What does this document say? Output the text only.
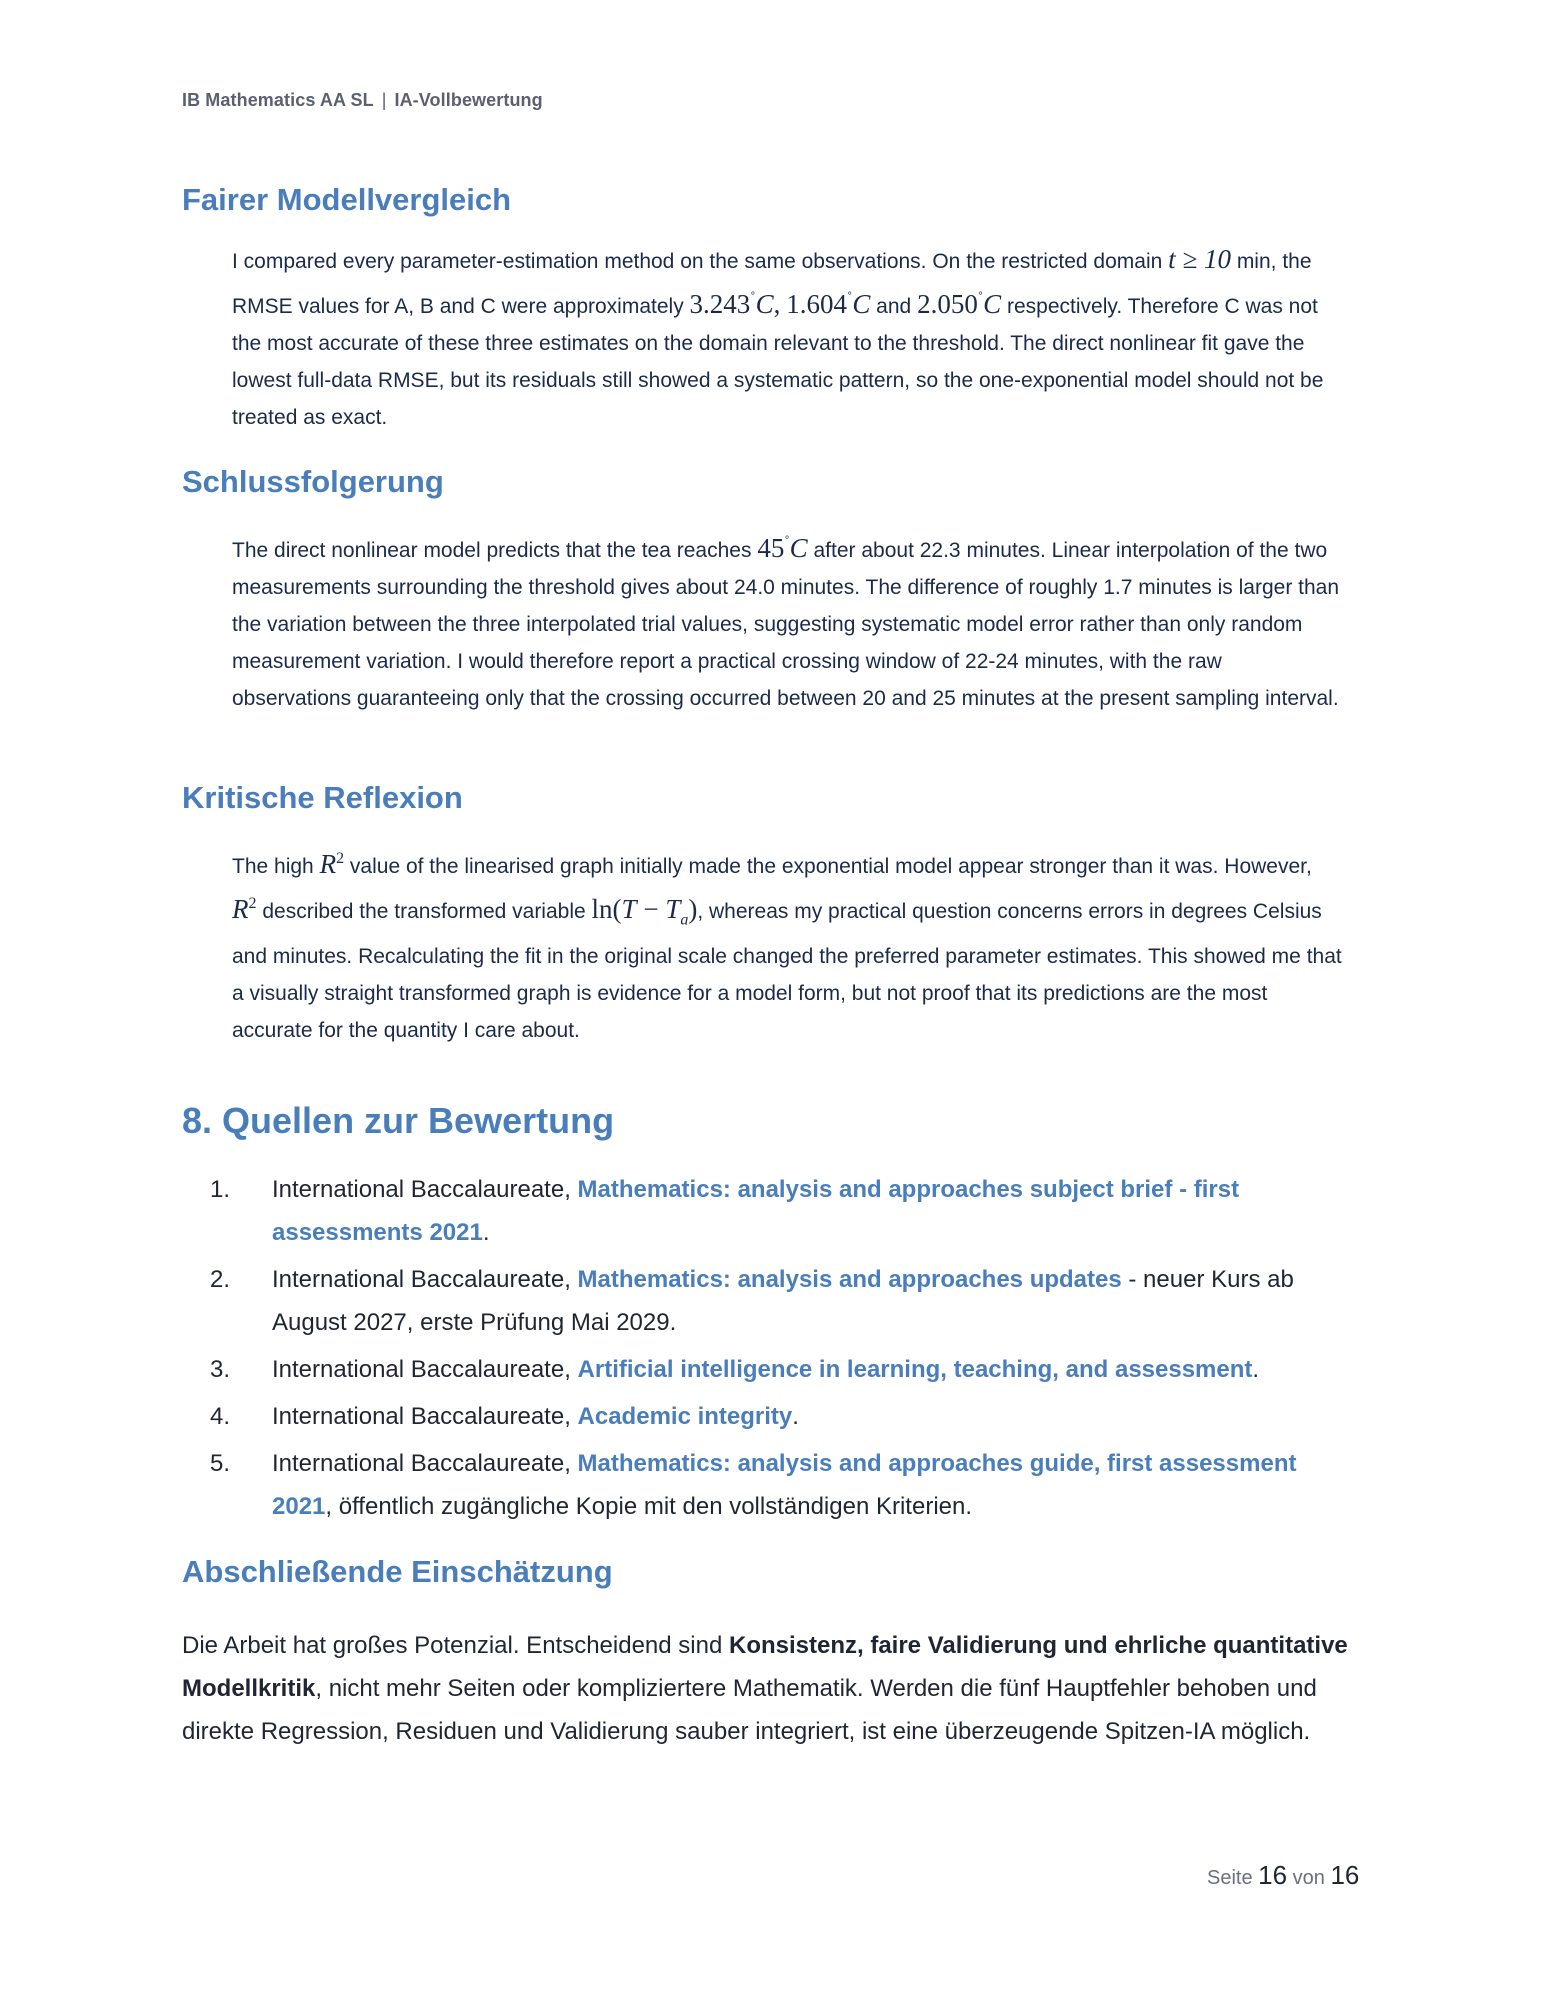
IB Mathematics AA SL | IA-Vollbewertung
Fairer Modellvergleich

I compared every parameter-estimation method on the same observations. On the restricted domain t ≥ 10 min, the RMSE values for A, B and C were approximately 3.243˚C, 1.604˚C and 2.050˚C respectively. Therefore C was not the most accurate of these three estimates on the domain relevant to the threshold. The direct nonlinear fit gave the lowest full-data RMSE, but its residuals still showed a systematic pattern, so the one-exponential model should not be treated as exact.

Schlussfolgerung

The direct nonlinear model predicts that the tea reaches 45˚C after about 22.3 minutes. Linear interpolation of the two measurements surrounding the threshold gives about 24.0 minutes. The difference of roughly 1.7 minutes is larger than the variation between the three interpolated trial values, suggesting systematic model error rather than only random measurement variation. I would therefore report a practical crossing window of 22-24 minutes, with the raw observations guaranteeing only that the crossing occurred between 20 and 25 minutes at the present sampling interval.

Kritische Reflexion

The high $R^2$ value of the linearised graph initially made the exponential model appear stronger than it was. However, $R^2$ described the transformed variable $\ln(T - T_a)$, whereas my practical question concerns errors in degrees Celsius and minutes. Recalculating the fit in the original scale changed the preferred parameter estimates. This showed me that a visually straight transformed graph is evidence for a model form, but not proof that its predictions are the most accurate for the quantity I care about.

8. Quellen zur Bewertung
1. International Baccalaureate, Mathematics: analysis and approaches subject brief - first assessments 2021.
2. International Baccalaureate, Mathematics: analysis and approaches updates - neuer Kurs ab August 2027, erste Prüfung Mai 2029.
3. International Baccalaureate, Artificial intelligence in learning, teaching, and assessment.
4. International Baccalaureate, Academic integrity.
5. International Baccalaureate, Mathematics: analysis and approaches guide, first assessment 2021, öffentlich zugängliche Kopie mit den vollständigen Kriterien.
Abschließende Einschätzung

Die Arbeit hat großes Potenzial. Entscheidend sind Konsistenz, faire Validierung und ehrliche quantitative Modellkritik, nicht mehr Seiten oder kompliziertere Mathematik. Werden die fünf Hauptfehler behoben und direkte Regression, Residuen und Validierung sauber integriert, ist eine überzeugende Spitzen-IA möglich.

Seite 16 von 16
